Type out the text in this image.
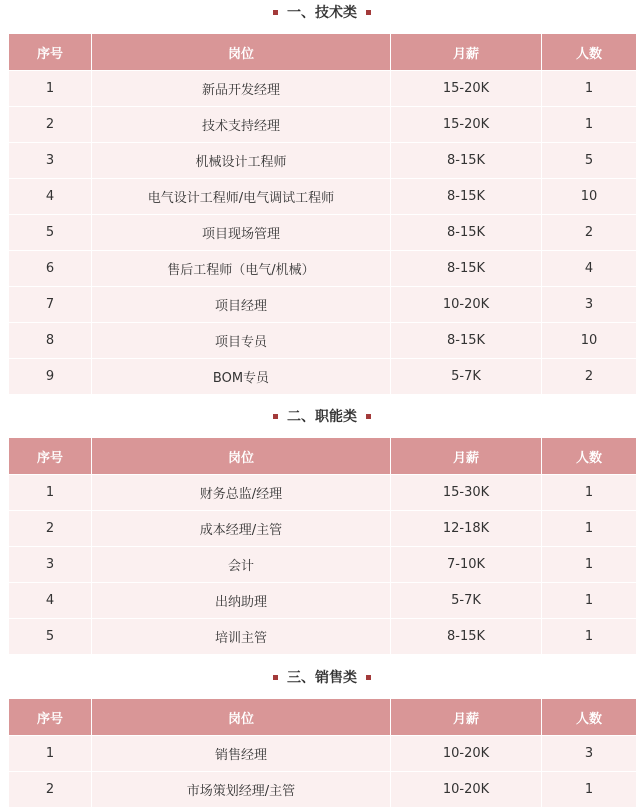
一、技术类
序号	岗位	月薪	人数
1	新品开发经理	15-20K	1
2	技术支持经理	15-20K	1
3	机械设计工程师	8-15K	5
4	电气设计工程师/电气调试工程师	8-15K	10
5	项目现场管理	8-15K	2
6	售后工程师（电气/机械）	8-15K	4
7	项目经理	10-20K	3
8	项目专员	8-15K	10
9	BOM专员	5-7K	2
二、职能类
序号	岗位	月薪	人数
1	财务总监/经理	15-30K	1
2	成本经理/主管	12-18K	1
3	会计	7-10K	1
4	出纳助理	5-7K	1
5	培训主管	8-15K	1
三、销售类
序号	岗位	月薪	人数
1	销售经理	10-20K	3
2	市场策划经理/主管	10-20K	1
